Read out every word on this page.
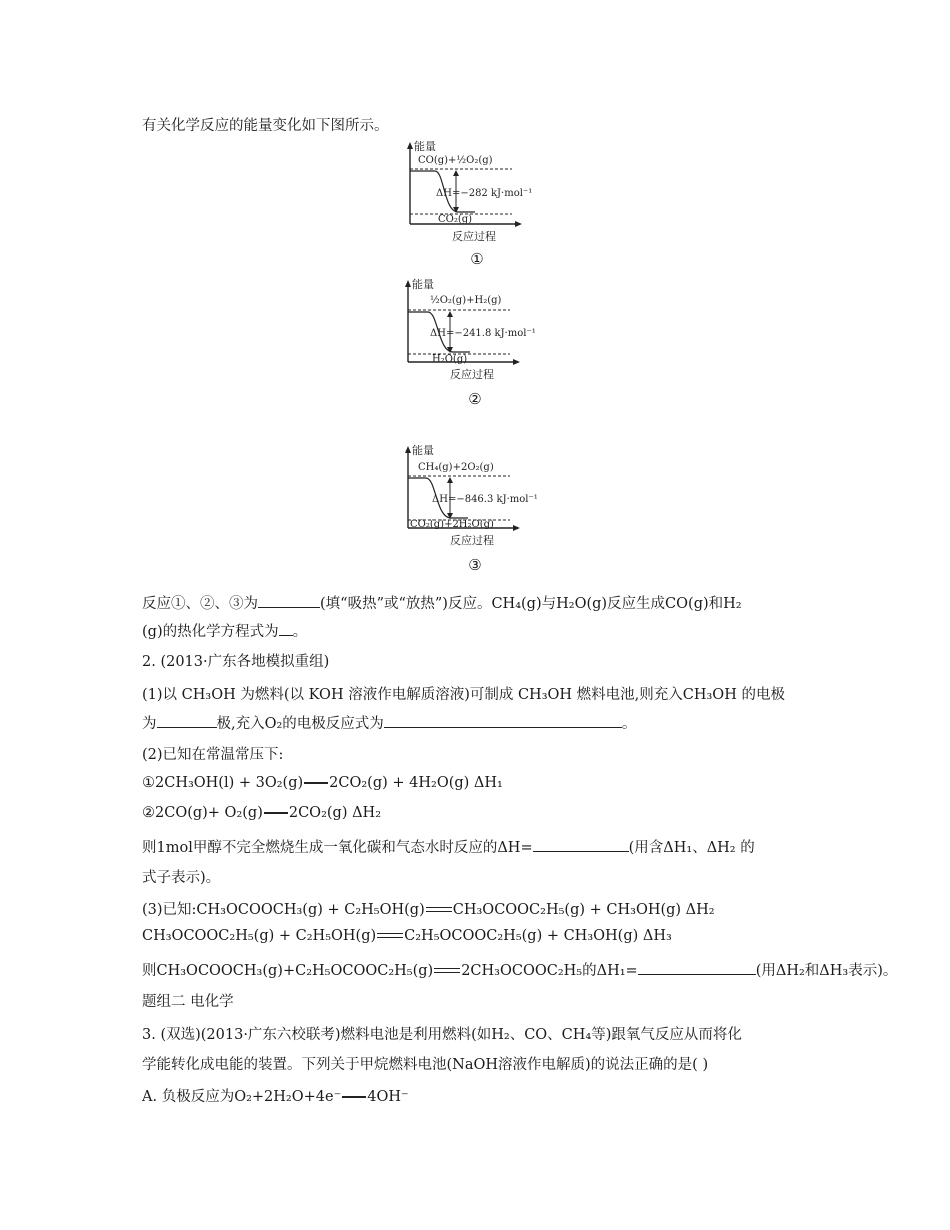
有关化学反应的能量变化如下图所示。
能量
CO(g)+½O₂(g)
ΔH=−282 kJ·mol⁻¹
CO₂(g)
反应过程
①
能量
½O₂(g)+H₂(g)
ΔH=−241.8 kJ·mol⁻¹
H₂O(g)
反应过程
②
能量
CH₄(g)+2O₂(g)
ΔH=−846.3 kJ·mol⁻¹
CO₂(g)+2H₂O(g)
反应过程
③
反应①、②、③为	(填“吸热”或“放热”)反应。CH₄(g)与H₂O(g)反应生成CO(g)和H₂
(g)的热化学方程式为 。
2. (2013·广东各地模拟重组)
(1)以 CH₃OH 为燃料(以 KOH 溶液作电解质溶液)可制成 CH₃OH 燃料电池,则充入CH₃OH 的电极
为	极,充入O₂的电极反应式为	。
(2)已知在常温常压下:
①2CH₃OH(l) + 3O₂(g) 2CO₂(g) + 4H₂O(g) ΔH₁
②2CO(g)+ O₂(g) 2CO₂(g) ΔH₂
则1mol甲醇不完全燃烧生成一氧化碳和气态水时反应的ΔH=	(用含ΔH₁、ΔH₂ 的
式子表示)。
(3)已知:CH₃OCOOCH₃(g) + C₂H₅OH(g) CH₃OCOOC₂H₅(g) + CH₃OH(g) ΔH₂
CH₃OCOOC₂H₅(g) + C₂H₅OH(g) C₂H₅OCOOC₂H₅(g) + CH₃OH(g) ΔH₃
则CH₃OCOOCH₃(g)+C₂H₅OCOOC₂H₅(g) 2CH₃OCOOC₂H₅的ΔH₁=	(用ΔH₂和ΔH₃表示)。
题组二 电化学
3. (双选)(2013·广东六校联考)燃料电池是利用燃料(如H₂、CO、CH₄等)跟氧气反应从而将化
学能转化成电能的装置。下列关于甲烷燃料电池(NaOH溶液作电解质)的说法正确的是( )
A. 负极反应为O₂+2H₂O+4e⁻ 4OH⁻
